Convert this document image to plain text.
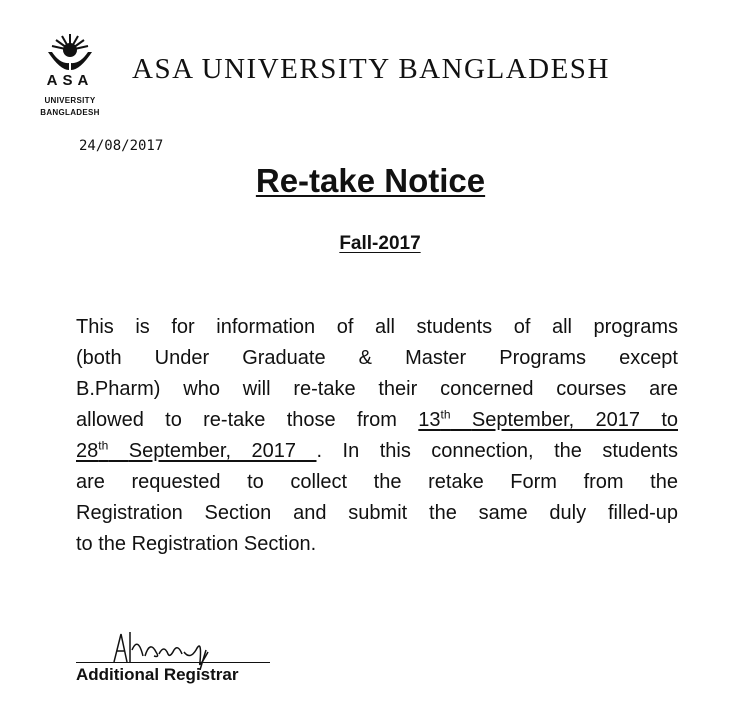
ASA
UNIVERSITY
BANGLADESH
ASA UNIVERSITY BANGLADESH
24/08/2017
Re-take Notice
Fall-2017
This is for information of all students of all programs
(both Under Graduate & Master Programs except
B.Pharm) who will re-take their concerned courses are
allowed to re-take those from 13th September, 2017 to
28th September, 2017 . In this connection, the students
are requested to collect the retake Form from the
Registration Section and submit the same duly filled-up
to the Registration Section.
Additional Registrar
